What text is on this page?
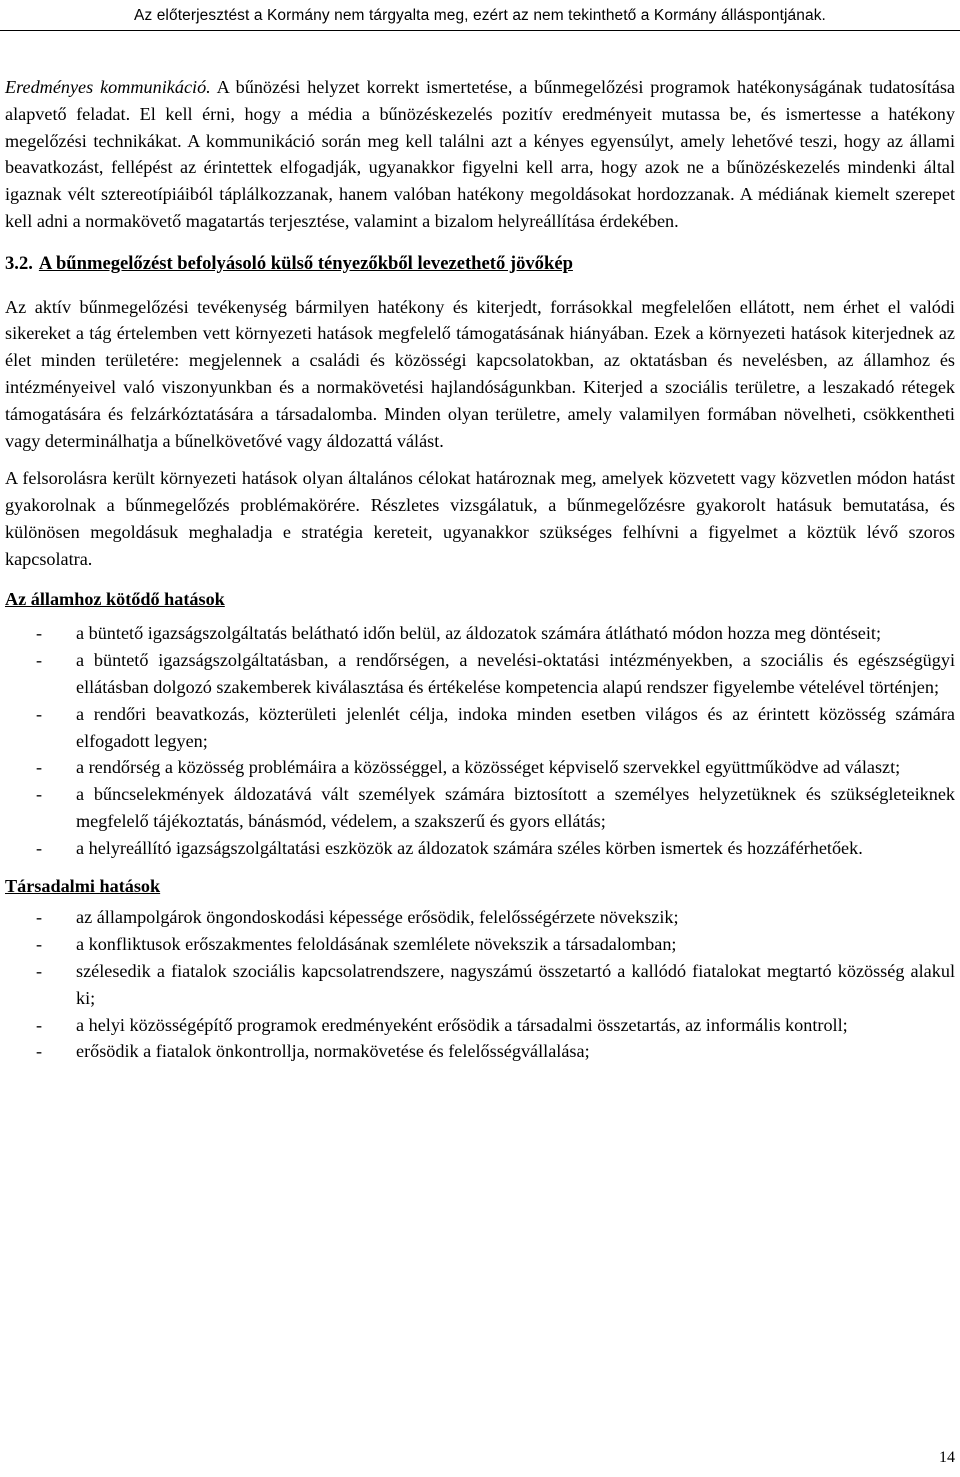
Az előterjesztést a Kormány nem tárgyalta meg, ezért az nem tekinthető a Kormány álláspontjának.

Eredményes kommunikáció. A bűnözési helyzet korrekt ismertetése, a bűnmegelőzési programok hatékonyságának tudatosítása alapvető feladat. El kell érni, hogy a média a bűnözéskezelés pozitív eredményeit mutassa be, és ismertesse a hatékony megelőzési technikákat. A kommunikáció során meg kell találni azt a kényes egyensúlyt, amely lehetővé teszi, hogy az állami beavatkozást, fellépést az érintettek elfogadják, ugyanakkor figyelni kell arra, hogy azok ne a bűnözéskezelés mindenki által igaznak vélt sztereotípiáiból táplálkozzanak, hanem valóban hatékony megoldásokat hordozzanak. A médiának kiemelt szerepet kell adni a normakövető magatartás terjesztése, valamint a bizalom helyreállítása érdekében.

3.2. A bűnmegelőzést befolyásoló külső tényezőkből levezethető jövőkép

Az aktív bűnmegelőzési tevékenység bármilyen hatékony és kiterjedt, forrásokkal megfelelően ellátott, nem érhet el valódi sikereket a tág értelemben vett környezeti hatások megfelelő támogatásának hiányában. Ezek a környezeti hatások kiterjednek az élet minden területére: megjelennek a családi és közösségi kapcsolatokban, az oktatásban és nevelésben, az államhoz és intézményeivel való viszonyunkban és a normakövetési hajlandóságunkban. Kiterjed a szociális területre, a leszakadó rétegek támogatására és felzárkóztatására a társadalomba. Minden olyan területre, amely valamilyen formában növelheti, csökkentheti vagy determinálhatja a bűnelkövetővé vagy áldozattá válást.

A felsorolásra került környezeti hatások olyan általános célokat határoznak meg, amelyek közvetett vagy közvetlen módon hatást gyakorolnak a bűnmegelőzés problémakörére. Részletes vizsgálatuk, a bűnmegelőzésre gyakorolt hatásuk bemutatása, és különösen megoldásuk meghaladja e stratégia kereteit, ugyanakkor szükséges felhívni a figyelmet a köztük lévő szoros kapcsolatra.

Az államhoz kötődő hatások
- a büntető igazságszolgáltatás belátható időn belül, az áldozatok számára átlátható módon hozza meg döntéseit;
- a büntető igazságszolgáltatásban, a rendőrségen, a nevelési-oktatási intézményekben, a szociális és egészségügyi ellátásban dolgozó szakemberek kiválasztása és értékelése kompetencia alapú rendszer figyelembe vételével történjen;
- a rendőri beavatkozás, közterületi jelenlét célja, indoka minden esetben világos és az érintett közösség számára elfogadott legyen;
- a rendőrség a közösség problémáira a közösséggel, a közösséget képviselő szervekkel együttműködve ad választ;
- a bűncselekmények áldozatává vált személyek számára biztosított a személyes helyzetüknek és szükségleteiknek megfelelő tájékoztatás, bánásmód, védelem, a szakszerű és gyors ellátás;
- a helyreállító igazságszolgáltatási eszközök az áldozatok számára széles körben ismertek és hozzáférhetőek.
Társadalmi hatások
- az állampolgárok öngondoskodási képessége erősödik, felelősségérzete növekszik;
- a konfliktusok erőszakmentes feloldásának szemlélete növekszik a társadalomban;
- szélesedik a fiatalok szociális kapcsolatrendszere, nagyszámú összetartó a kallódó fiatalokat megtartó közösség alakul ki;
- a helyi közösségépítő programok eredményeként erősödik a társadalmi összetartás, az informális kontroll;
- erősödik a fiatalok önkontrollja, normakövetése és felelősségvállalása;
14
